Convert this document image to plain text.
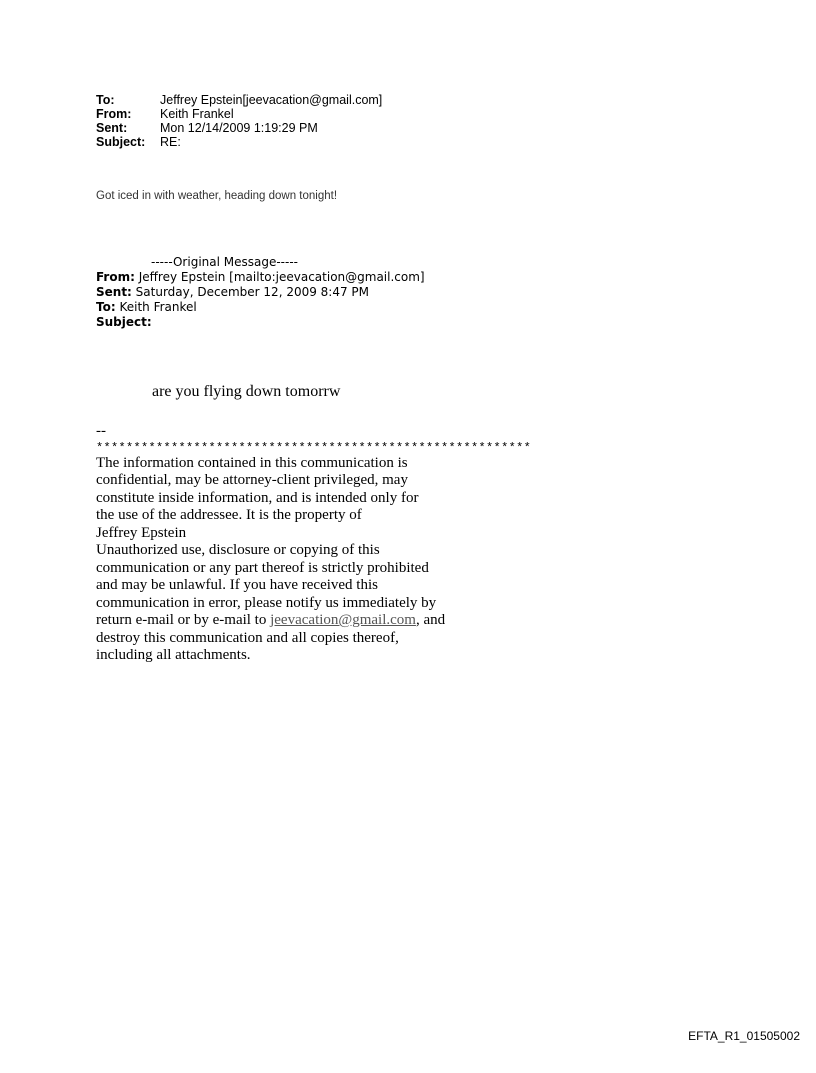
To:	Jeffrey Epstein[jeevacation@gmail.com]
From:	Keith Frankel
Sent:	Mon 12/14/2009 1:19:29 PM
Subject:	RE:
Got iced in with weather, heading down tonight!
-----Original Message-----
From: Jeffrey Epstein [mailto:jeevacation@gmail.com]
Sent: Saturday, December 12, 2009 8:47 PM
To: Keith Frankel
Subject:
are you flying down tomorrw
--
**********************************************************
The information contained in this communication is
confidential, may be attorney-client privileged, may
constitute inside information, and is intended only for
the use of the addressee. It is the property of
Jeffrey Epstein
Unauthorized use, disclosure or copying of this
communication or any part thereof is strictly prohibited
and may be unlawful. If you have received this
communication in error, please notify us immediately by
return e-mail or by e-mail to jeevacation@gmail.com, and
destroy this communication and all copies thereof,
including all attachments.
EFTA_R1_01505002
